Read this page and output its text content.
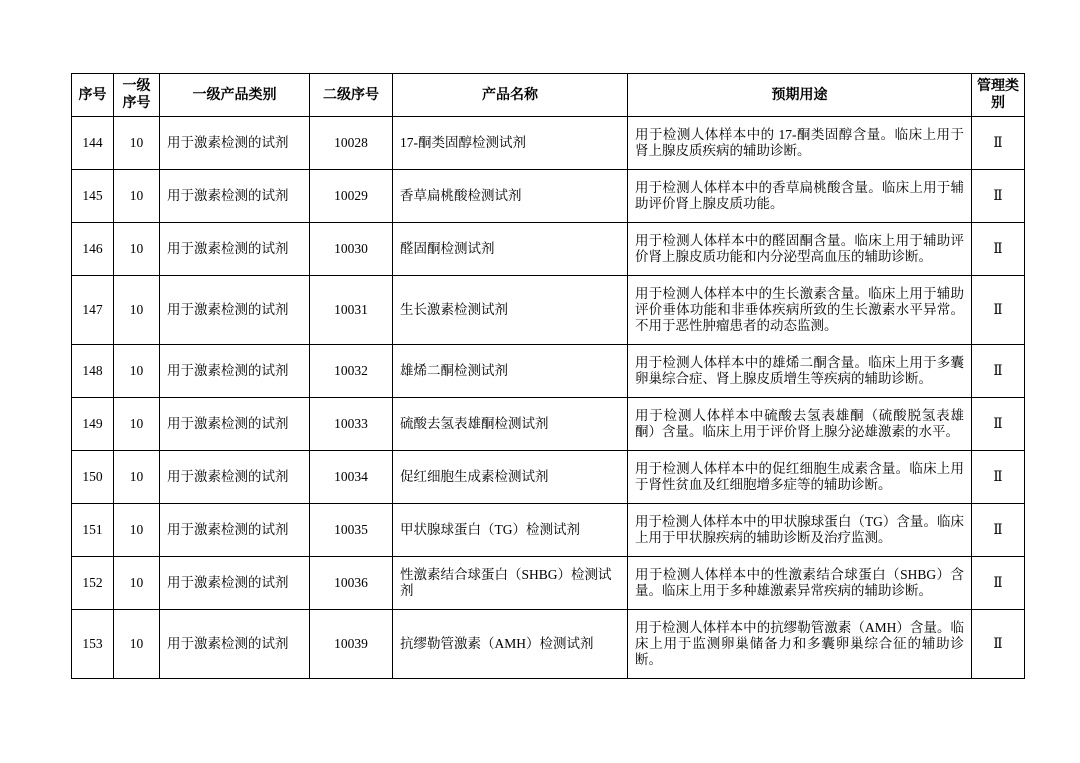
序号	一级序号	一级产品类别	二级序号	产品名称	预期用途	管理类别
144	10	用于激素检测的试剂	10028	17-酮类固醇检测试剂	用于检测人体样本中的 17-酮类固醇含量。临床上用于肾上腺皮质疾病的辅助诊断。	Ⅱ
145	10	用于激素检测的试剂	10029	香草扁桃酸检测试剂	用于检测人体样本中的香草扁桃酸含量。临床上用于辅助评价肾上腺皮质功能。	Ⅱ
146	10	用于激素检测的试剂	10030	醛固酮检测试剂	用于检测人体样本中的醛固酮含量。临床上用于辅助评价肾上腺皮质功能和内分泌型高血压的辅助诊断。	Ⅱ
147	10	用于激素检测的试剂	10031	生长激素检测试剂	用于检测人体样本中的生长激素含量。临床上用于辅助评价垂体功能和非垂体疾病所致的生长激素水平异常。不用于恶性肿瘤患者的动态监测。	Ⅱ
148	10	用于激素检测的试剂	10032	雄烯二酮检测试剂	用于检测人体样本中的雄烯二酮含量。临床上用于多囊卵巢综合症、肾上腺皮质增生等疾病的辅助诊断。	Ⅱ
149	10	用于激素检测的试剂	10033	硫酸去氢表雄酮检测试剂	用于检测人体样本中硫酸去氢表雄酮（硫酸脱氢表雄酮）含量。临床上用于评价肾上腺分泌雄激素的水平。	Ⅱ
150	10	用于激素检测的试剂	10034	促红细胞生成素检测试剂	用于检测人体样本中的促红细胞生成素含量。临床上用于肾性贫血及红细胞增多症等的辅助诊断。	Ⅱ
151	10	用于激素检测的试剂	10035	甲状腺球蛋白（TG）检测试剂	用于检测人体样本中的甲状腺球蛋白（TG）含量。临床上用于甲状腺疾病的辅助诊断及治疗监测。	Ⅱ
152	10	用于激素检测的试剂	10036	性激素结合球蛋白（SHBG）检测试剂	用于检测人体样本中的性激素结合球蛋白（SHBG）含量。临床上用于多种雄激素异常疾病的辅助诊断。	Ⅱ
153	10	用于激素检测的试剂	10039	抗缪勒管激素（AMH）检测试剂	用于检测人体样本中的抗缪勒管激素（AMH）含量。临床上用于监测卵巢储备力和多囊卵巢综合征的辅助诊断。	Ⅱ
